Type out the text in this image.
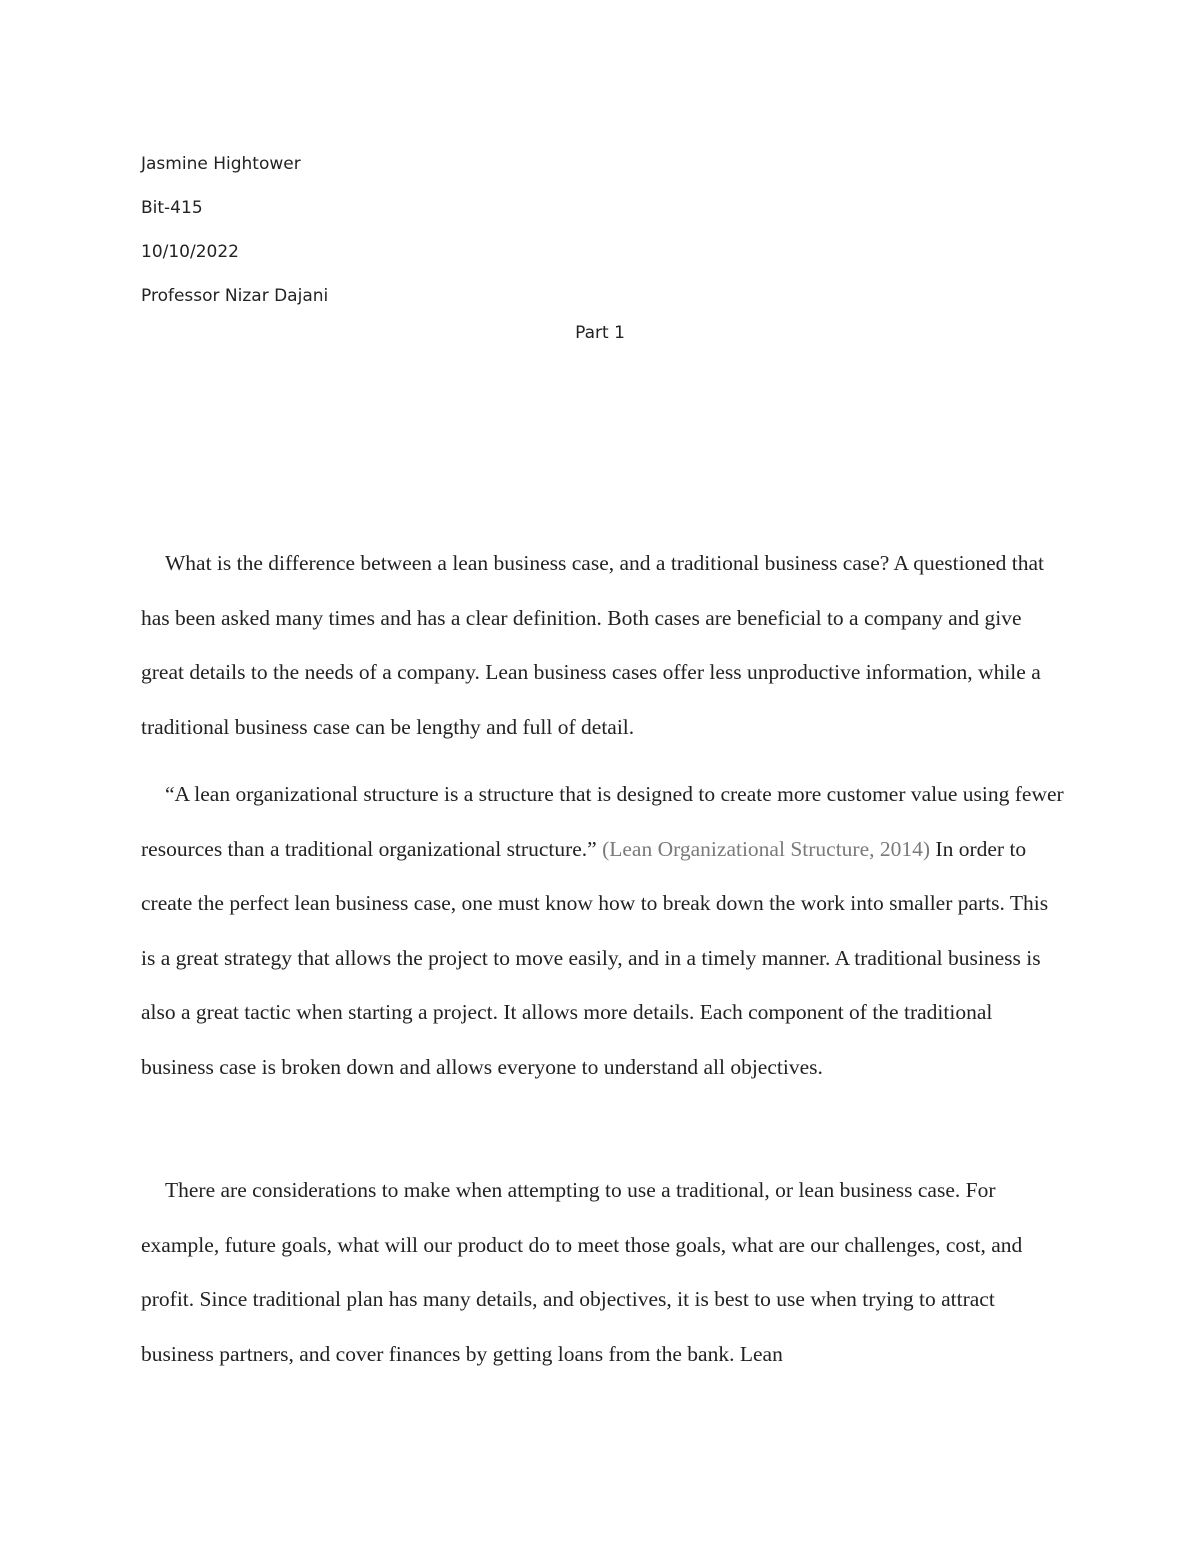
Jasmine Hightower
Bit-415
10/10/2022
Professor Nizar Dajani
Part 1

What is the difference between a lean business case, and a traditional business case? A questioned that has been asked many times and has a clear definition. Both cases are beneficial to a company and give great details to the needs of a company. Lean business cases offer less unproductive information, while a traditional business case can be lengthy and full of detail.

“A lean organizational structure is a structure that is designed to create more customer value using fewer resources than a traditional organizational structure.” (Lean Organizational Structure, 2014) In order to create the perfect lean business case, one must know how to break down the work into smaller parts. This is a great strategy that allows the project to move easily, and in a timely manner. A traditional business is also a great tactic when starting a project. It allows more details. Each component of the traditional business case is broken down and allows everyone to understand all objectives.

There are considerations to make when attempting to use a traditional, or lean business case. For example, future goals, what will our product do to meet those goals, what are our challenges, cost, and profit. Since traditional plan has many details, and objectives, it is best to use when trying to attract business partners, and cover finances by getting loans from the bank. Lean
